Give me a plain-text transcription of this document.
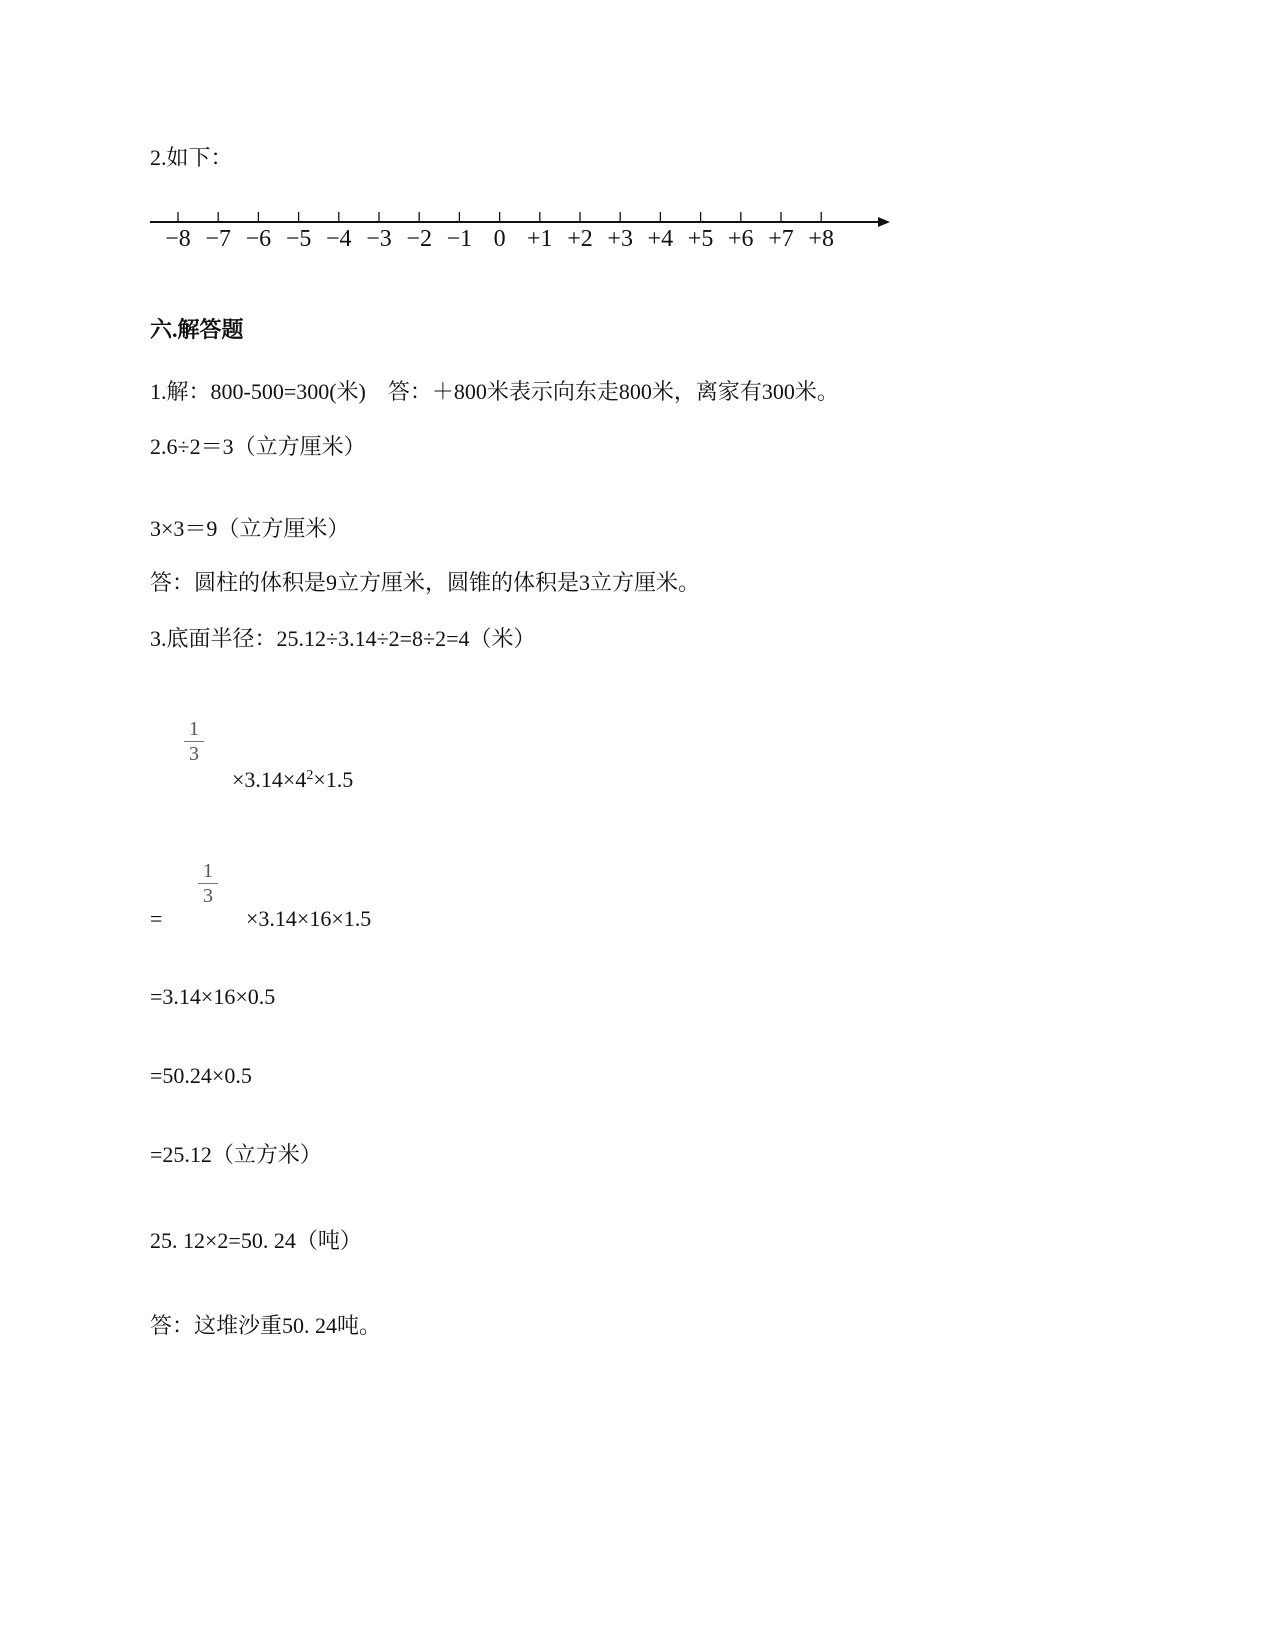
2.如下：
−8 −7 −6 −5 −4 −3 −2 −1 0 +1 +2 +3 +4 +5 +6 +7 +8
六.解答题
1.解：800-500=300(米)    答：＋800米表示向东走800米，离家有300米。
2.6÷2＝3（立方厘米）
3×3＝9（立方厘米）
答：圆柱的体积是9立方厘米，圆锥的体积是3立方厘米。
3.底面半径：25.12÷3.14÷2=8÷2=4（米）
1
3
$\times 3.14\times 4^2\times 1.5$
=
1
3
×3.14×16×1.5
=3.14×16×0.5
=50.24×0.5
=25.12（立方米）
25. 12×2=50. 24（吨）
答：这堆沙重50. 24吨。
